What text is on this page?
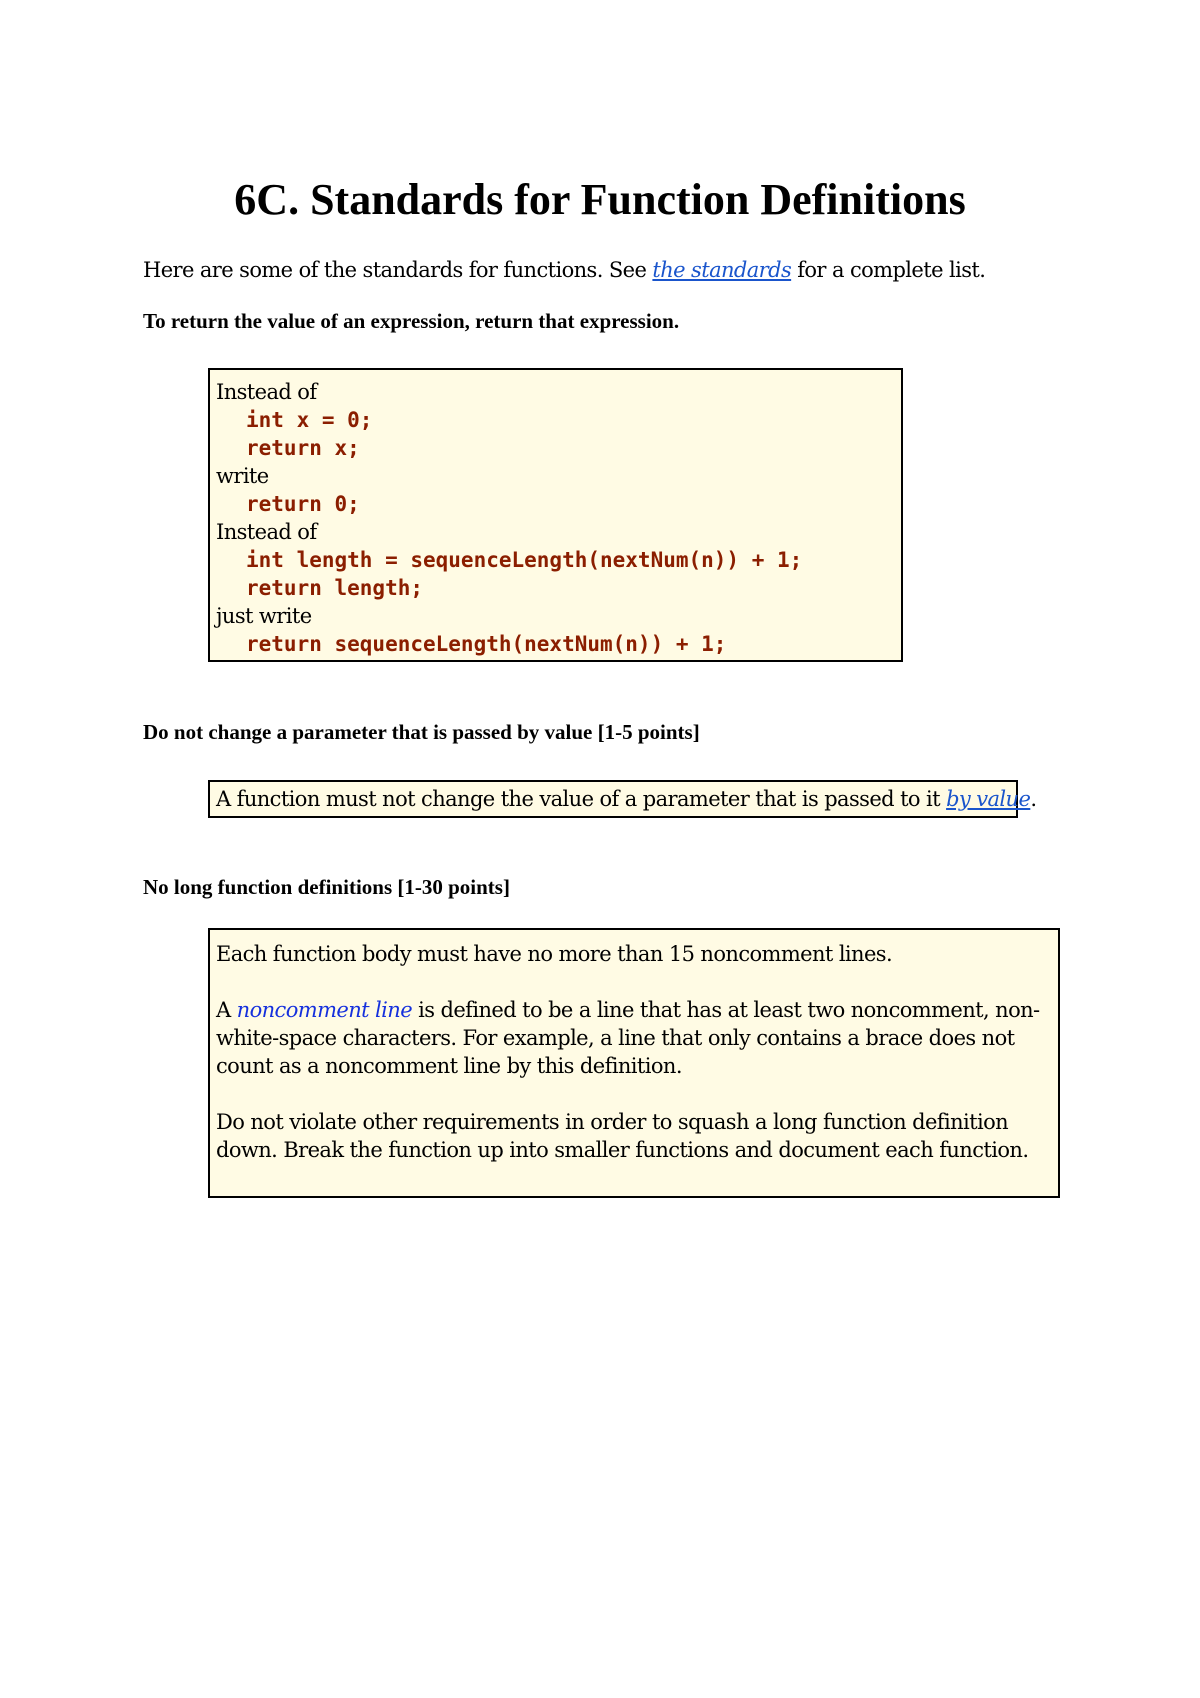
6C. Standards for Function Definitions
Here are some of the standards for functions. See the standards for a complete list.
To return the value of an expression, return that expression.
Instead of
int x = 0;
return x;
write
return 0;
Instead of
int length = sequenceLength(nextNum(n)) + 1;
return length;
just write
return sequenceLength(nextNum(n)) + 1;
Do not change a parameter that is passed by value [1-5 points]
A function must not change the value of a parameter that is passed to it by value.
No long function definitions [1-30 points]

Each function body must have no more than 15 noncomment lines.

A noncomment line is defined to be a line that has at least two noncomment, non-white-space characters. For example, a line that only contains a brace does not count as a noncomment line by this definition.

Do not violate other requirements in order to squash a long function definition down. Break the function up into smaller functions and document each function.
